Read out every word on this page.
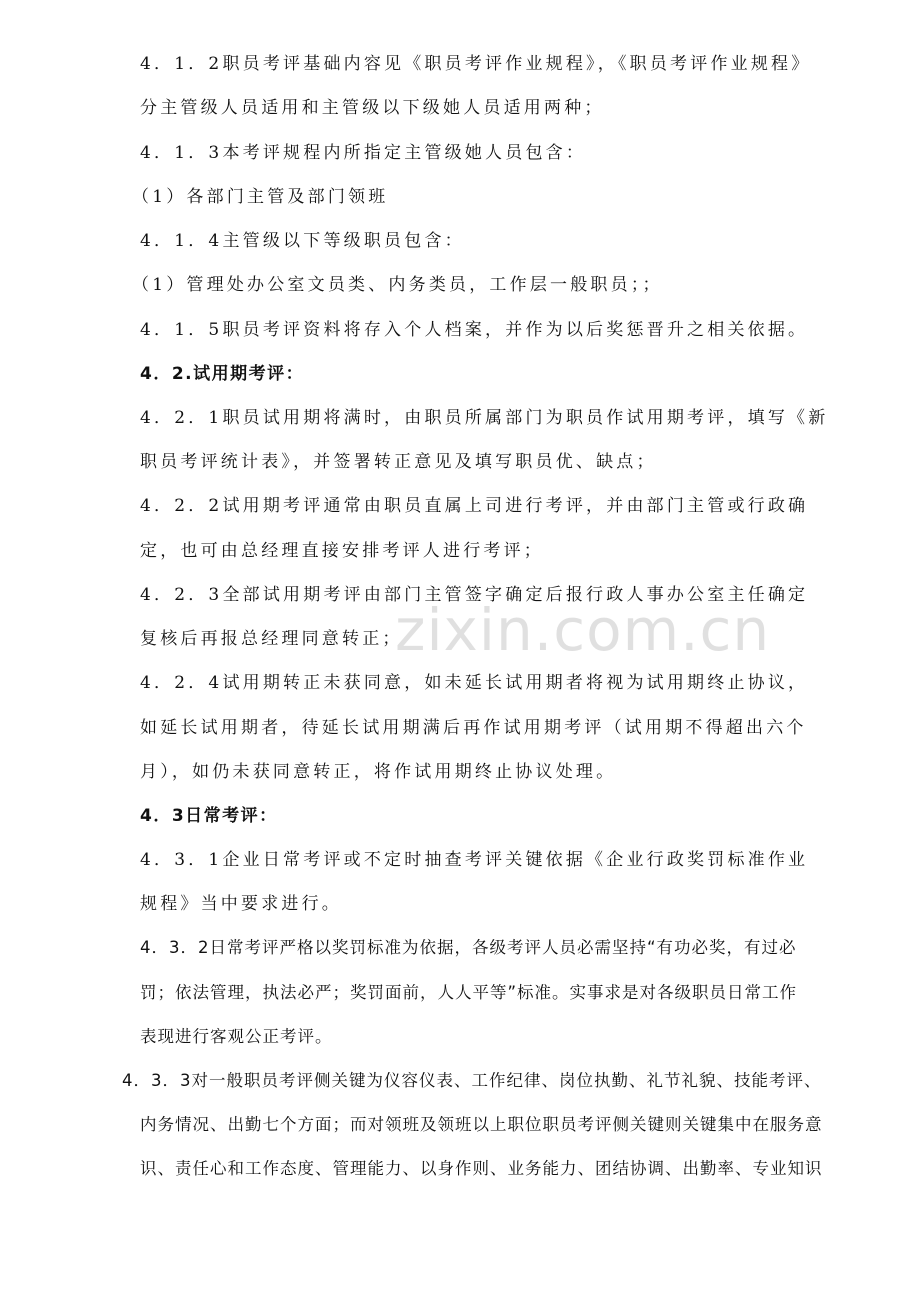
zixin.com.cn
4．1．2职员考评基础内容见《职员考评作业规程》，《职员考评作业规程》
分主管级人员适用和主管级以下级她人员适用两种；
4．1．3本考评规程内所指定主管级她人员包含：
（1）各部门主管及部门领班
4．1．4主管级以下等级职员包含：
（1）管理处办公室文员类、内务类员，工作层一般职员；；
4．1．5职员考评资料将存入个人档案，并作为以后奖惩晋升之相关依据。
4．2.试用期考评：
4．2．1职员试用期将满时，由职员所属部门为职员作试用期考评，填写《新
职员考评统计表》，并签署转正意见及填写职员优、缺点；
4．2．2试用期考评通常由职员直属上司进行考评，并由部门主管或行政确
定，也可由总经理直接安排考评人进行考评；
4．2．3全部试用期考评由部门主管签字确定后报行政人事办公室主任确定
复核后再报总经理同意转正；
4．2．4试用期转正未获同意，如未延长试用期者将视为试用期终止协议，
如延长试用期者，待延长试用期满后再作试用期考评（试用期不得超出六个
月），如仍未获同意转正，将作试用期终止协议处理。
4．3日常考评：
4．3．1企业日常考评或不定时抽查考评关键依据《企业行政奖罚标准作业
规程》当中要求进行。
4．3．2日常考评严格以奖罚标准为依据，各级考评人员必需坚持“有功必奖，有过必
罚；依法管理，执法必严；奖罚面前，人人平等”标准。实事求是对各级职员日常工作
表现进行客观公正考评。
4．3．3对一般职员考评侧关键为仪容仪表、工作纪律、岗位执勤、礼节礼貌、技能考评、
内务情况、出勤七个方面；而对领班及领班以上职位职员考评侧关键则关键集中在服务意
识、责任心和工作态度、管理能力、以身作则、业务能力、团结协调、出勤率、专业知识
